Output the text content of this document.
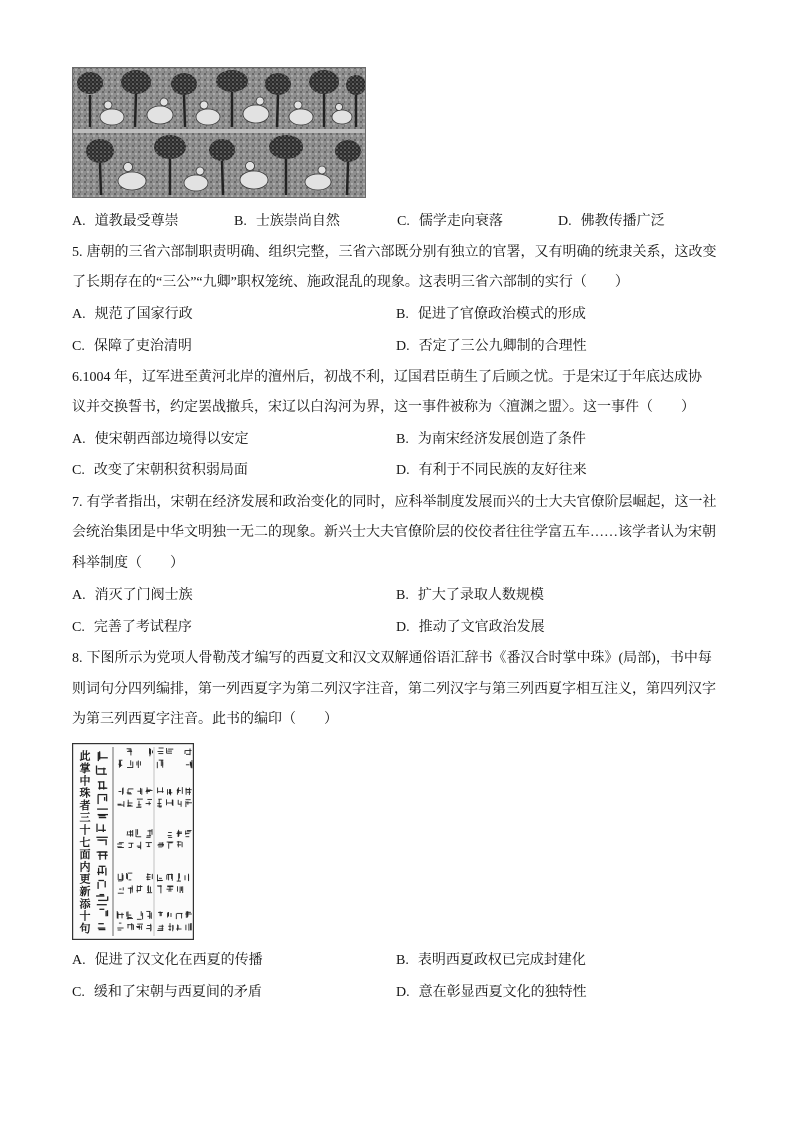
A. 道教最受尊崇	B. 士族崇尚自然	C. 儒学走向衰落	D. 佛教传播广泛
5. 唐朝的三省六部制职责明确、组织完整，三省六部既分别有独立的官署，又有明确的统隶关系，这改变
了长期存在的“三公”“九卿”职权笼统、施政混乱的现象。这表明三省六部制的实行（　　）
A. 规范了国家行政	B. 促进了官僚政治模式的形成
C. 保障了吏治清明	D. 否定了三公九卿制的合理性
6.1004 年，辽军进至黄河北岸的澶州后，初战不利，辽国君臣萌生了后顾之忧。于是宋辽于年底达成协
议并交换誓书，约定罢战撤兵，宋辽以白沟河为界，这一事件被称为〈澶渊之盟〉。这一事件（　　）
A. 使宋朝西部边境得以安定	B. 为南宋经济发展创造了条件
C. 改变了宋朝积贫积弱局面	D. 有利于不同民族的友好往来
7. 有学者指出，宋朝在经济发展和政治变化的同时，应科举制度发展而兴的士大夫官僚阶层崛起，这一社
会统治集团是中华文明独一无二的现象。新兴士大夫官僚阶层的佼佼者往往学富五车……该学者认为宋朝
科举制度（　　）
A. 消灭了门阀士族	B. 扩大了录取人数规模
C. 完善了考试程序	D. 推动了文官政治发展
8. 下图所示为党项人骨勒茂才编写的西夏文和汉文双解通俗语汇辞书《番汉合时掌中珠》(局部)，书中每
则词句分四列编排，第一列西夏字为第二列汉字注音，第二列汉字与第三列西夏字相互注义，第四列汉字
为第三列西夏字注音。此书的编印（　　）
此掌中珠者三十七面内更新添十句
A. 促进了汉文化在西夏的传播	B. 表明西夏政权已完成封建化
C. 缓和了宋朝与西夏间的矛盾	D. 意在彰显西夏文化的独特性
